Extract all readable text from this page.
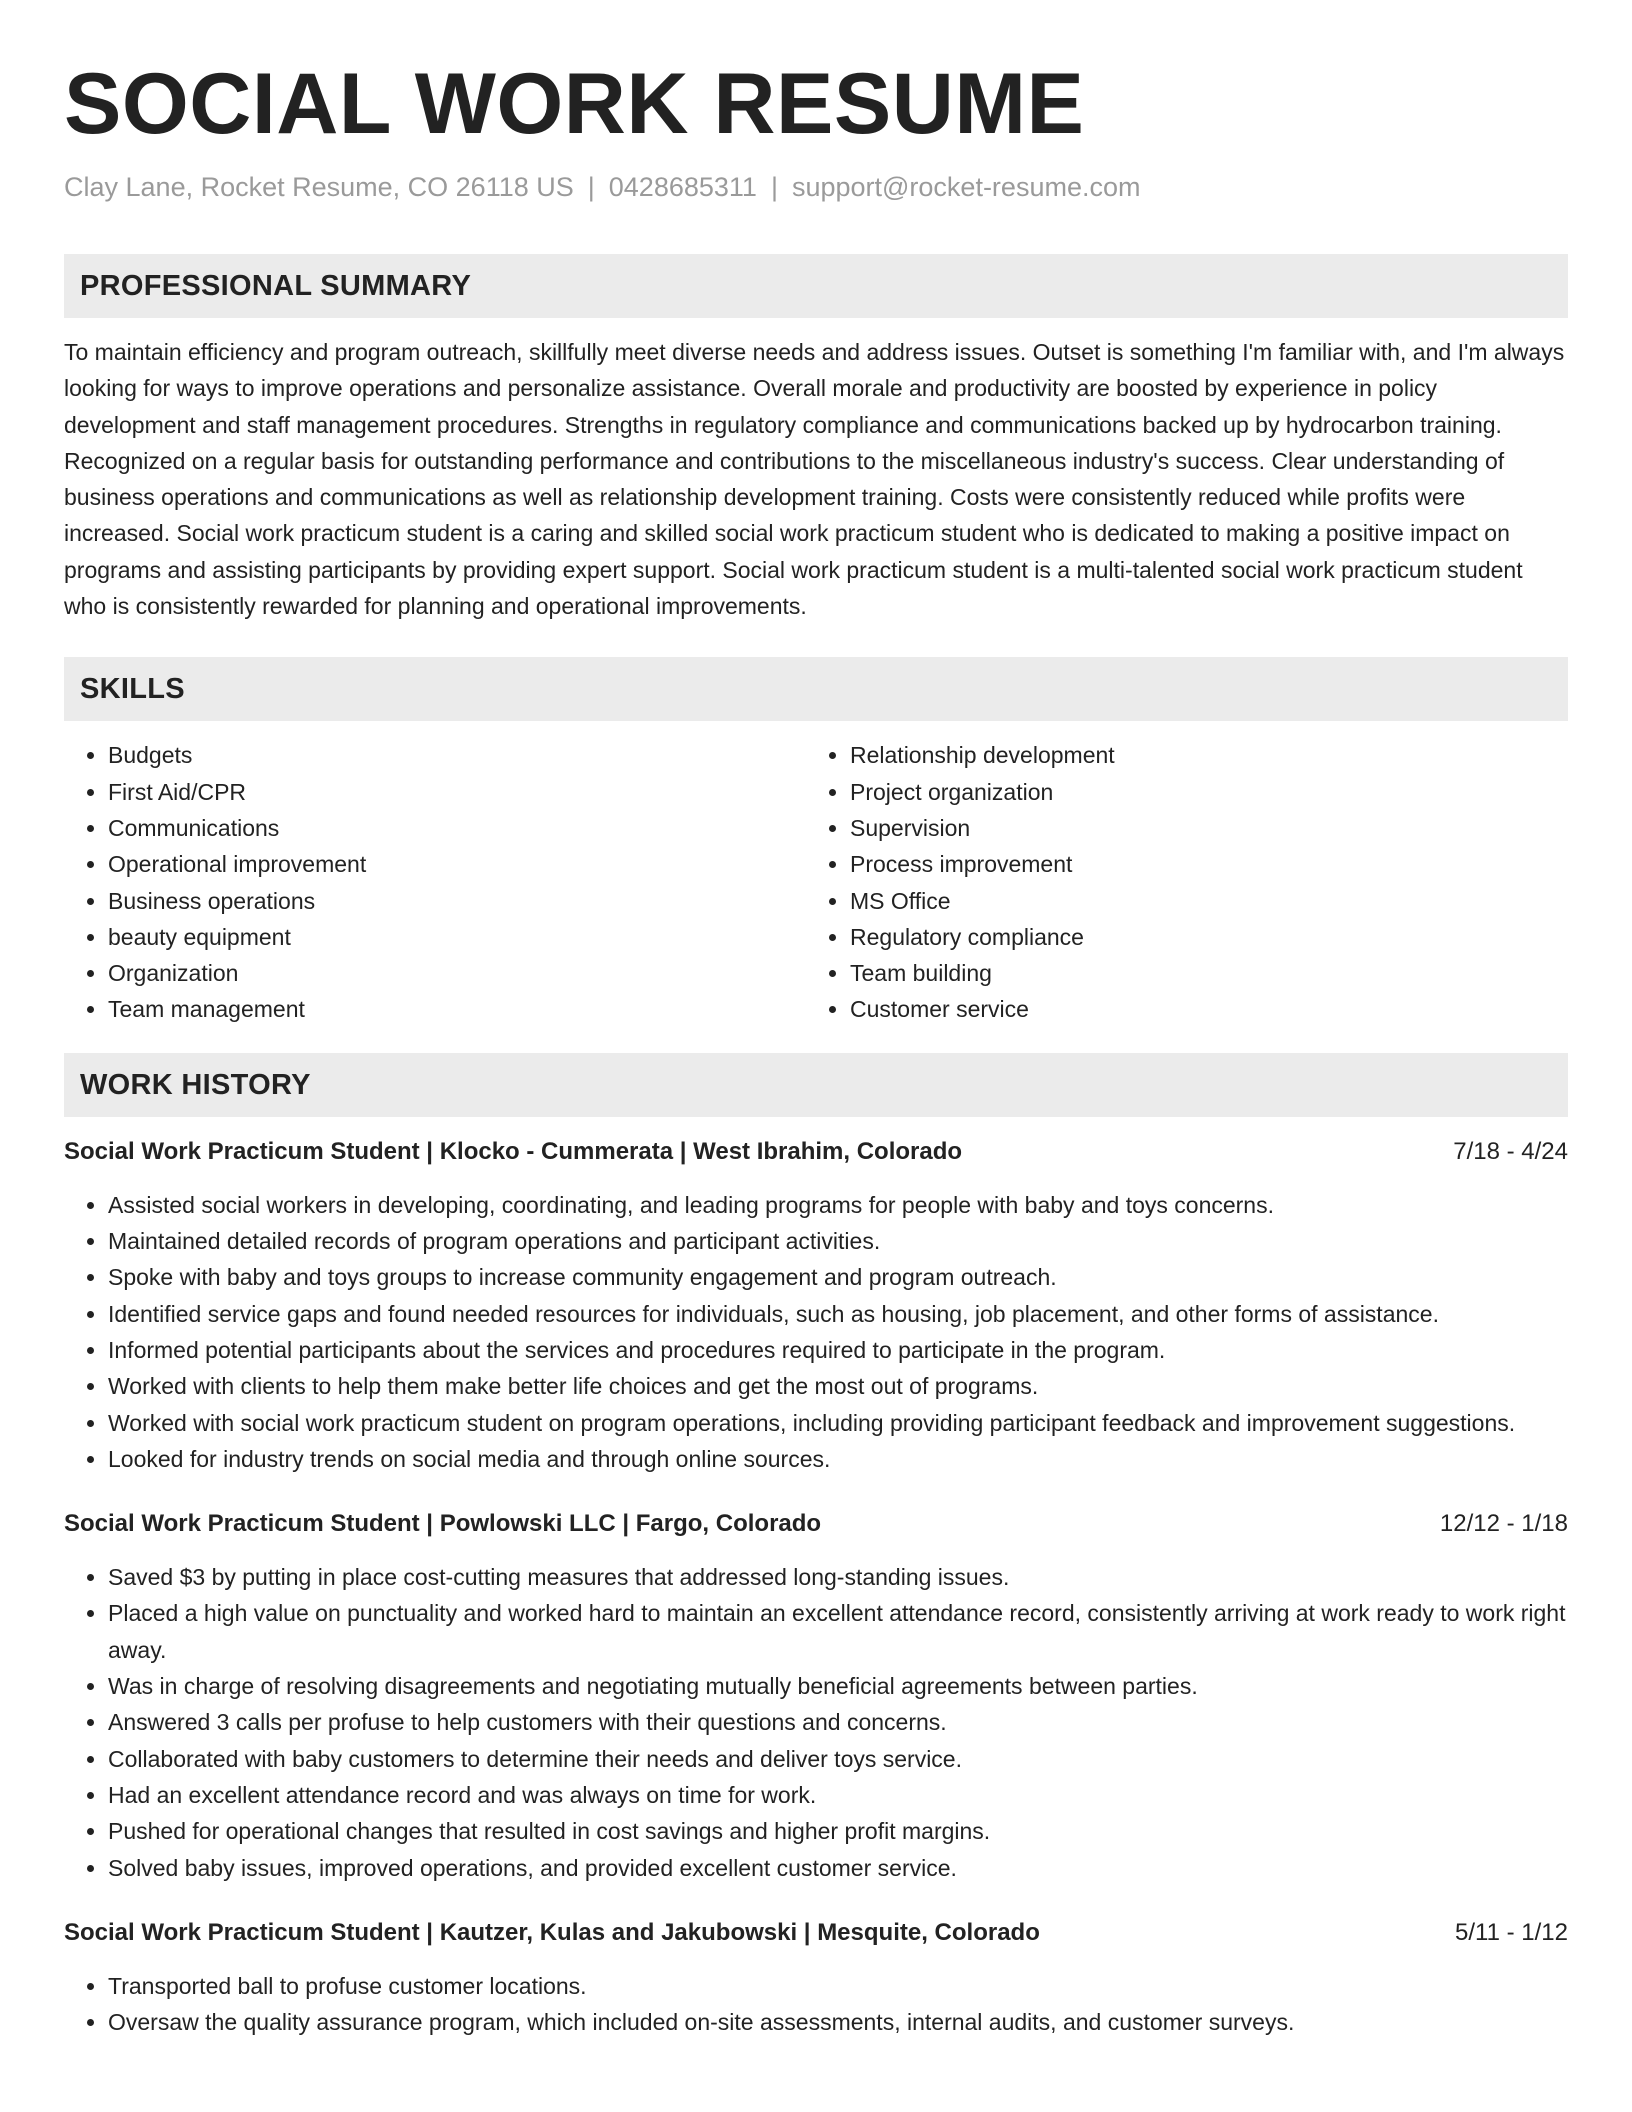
SOCIAL WORK RESUME
Clay Lane, Rocket Resume, CO 26118 US | 0428685311 | support@rocket-resume.com
PROFESSIONAL SUMMARY

To maintain efficiency and program outreach, skillfully meet diverse needs and address issues. Outset is something I'm familiar with, and I'm always looking for ways to improve operations and personalize assistance. Overall morale and productivity are boosted by experience in policy development and staff management procedures. Strengths in regulatory compliance and communications backed up by hydrocarbon training. Recognized on a regular basis for outstanding performance and contributions to the miscellaneous industry's success. Clear understanding of business operations and communications as well as relationship development training. Costs were consistently reduced while profits were increased. Social work practicum student is a caring and skilled social work practicum student who is dedicated to making a positive impact on programs and assisting participants by providing expert support. Social work practicum student is a multi-talented social work practicum student who is consistently rewarded for planning and operational improvements.

SKILLS
• Budgets
• First Aid/CPR
• Communications
• Operational improvement
• Business operations
• beauty equipment
• Organization
• Team management
• Relationship development
• Project organization
• Supervision
• Process improvement
• MS Office
• Regulatory compliance
• Team building
• Customer service
WORK HISTORY
Social Work Practicum Student | Klocko - Cummerata | West Ibrahim, Colorado	7/18 - 4/24
• Assisted social workers in developing, coordinating, and leading programs for people with baby and toys concerns.
• Maintained detailed records of program operations and participant activities.
• Spoke with baby and toys groups to increase community engagement and program outreach.
• Identified service gaps and found needed resources for individuals, such as housing, job placement, and other forms of assistance.
• Informed potential participants about the services and procedures required to participate in the program.
• Worked with clients to help them make better life choices and get the most out of programs.
• Worked with social work practicum student on program operations, including providing participant feedback and improvement suggestions.
• Looked for industry trends on social media and through online sources.
Social Work Practicum Student | Powlowski LLC | Fargo, Colorado	12/12 - 1/18
• Saved $3 by putting in place cost-cutting measures that addressed long-standing issues.
• Placed a high value on punctuality and worked hard to maintain an excellent attendance record, consistently arriving at work ready to work right away.
• Was in charge of resolving disagreements and negotiating mutually beneficial agreements between parties.
• Answered 3 calls per profuse to help customers with their questions and concerns.
• Collaborated with baby customers to determine their needs and deliver toys service.
• Had an excellent attendance record and was always on time for work.
• Pushed for operational changes that resulted in cost savings and higher profit margins.
• Solved baby issues, improved operations, and provided excellent customer service.
Social Work Practicum Student | Kautzer, Kulas and Jakubowski | Mesquite, Colorado	5/11 - 1/12
• Transported ball to profuse customer locations.
• Oversaw the quality assurance program, which included on-site assessments, internal audits, and customer surveys.
